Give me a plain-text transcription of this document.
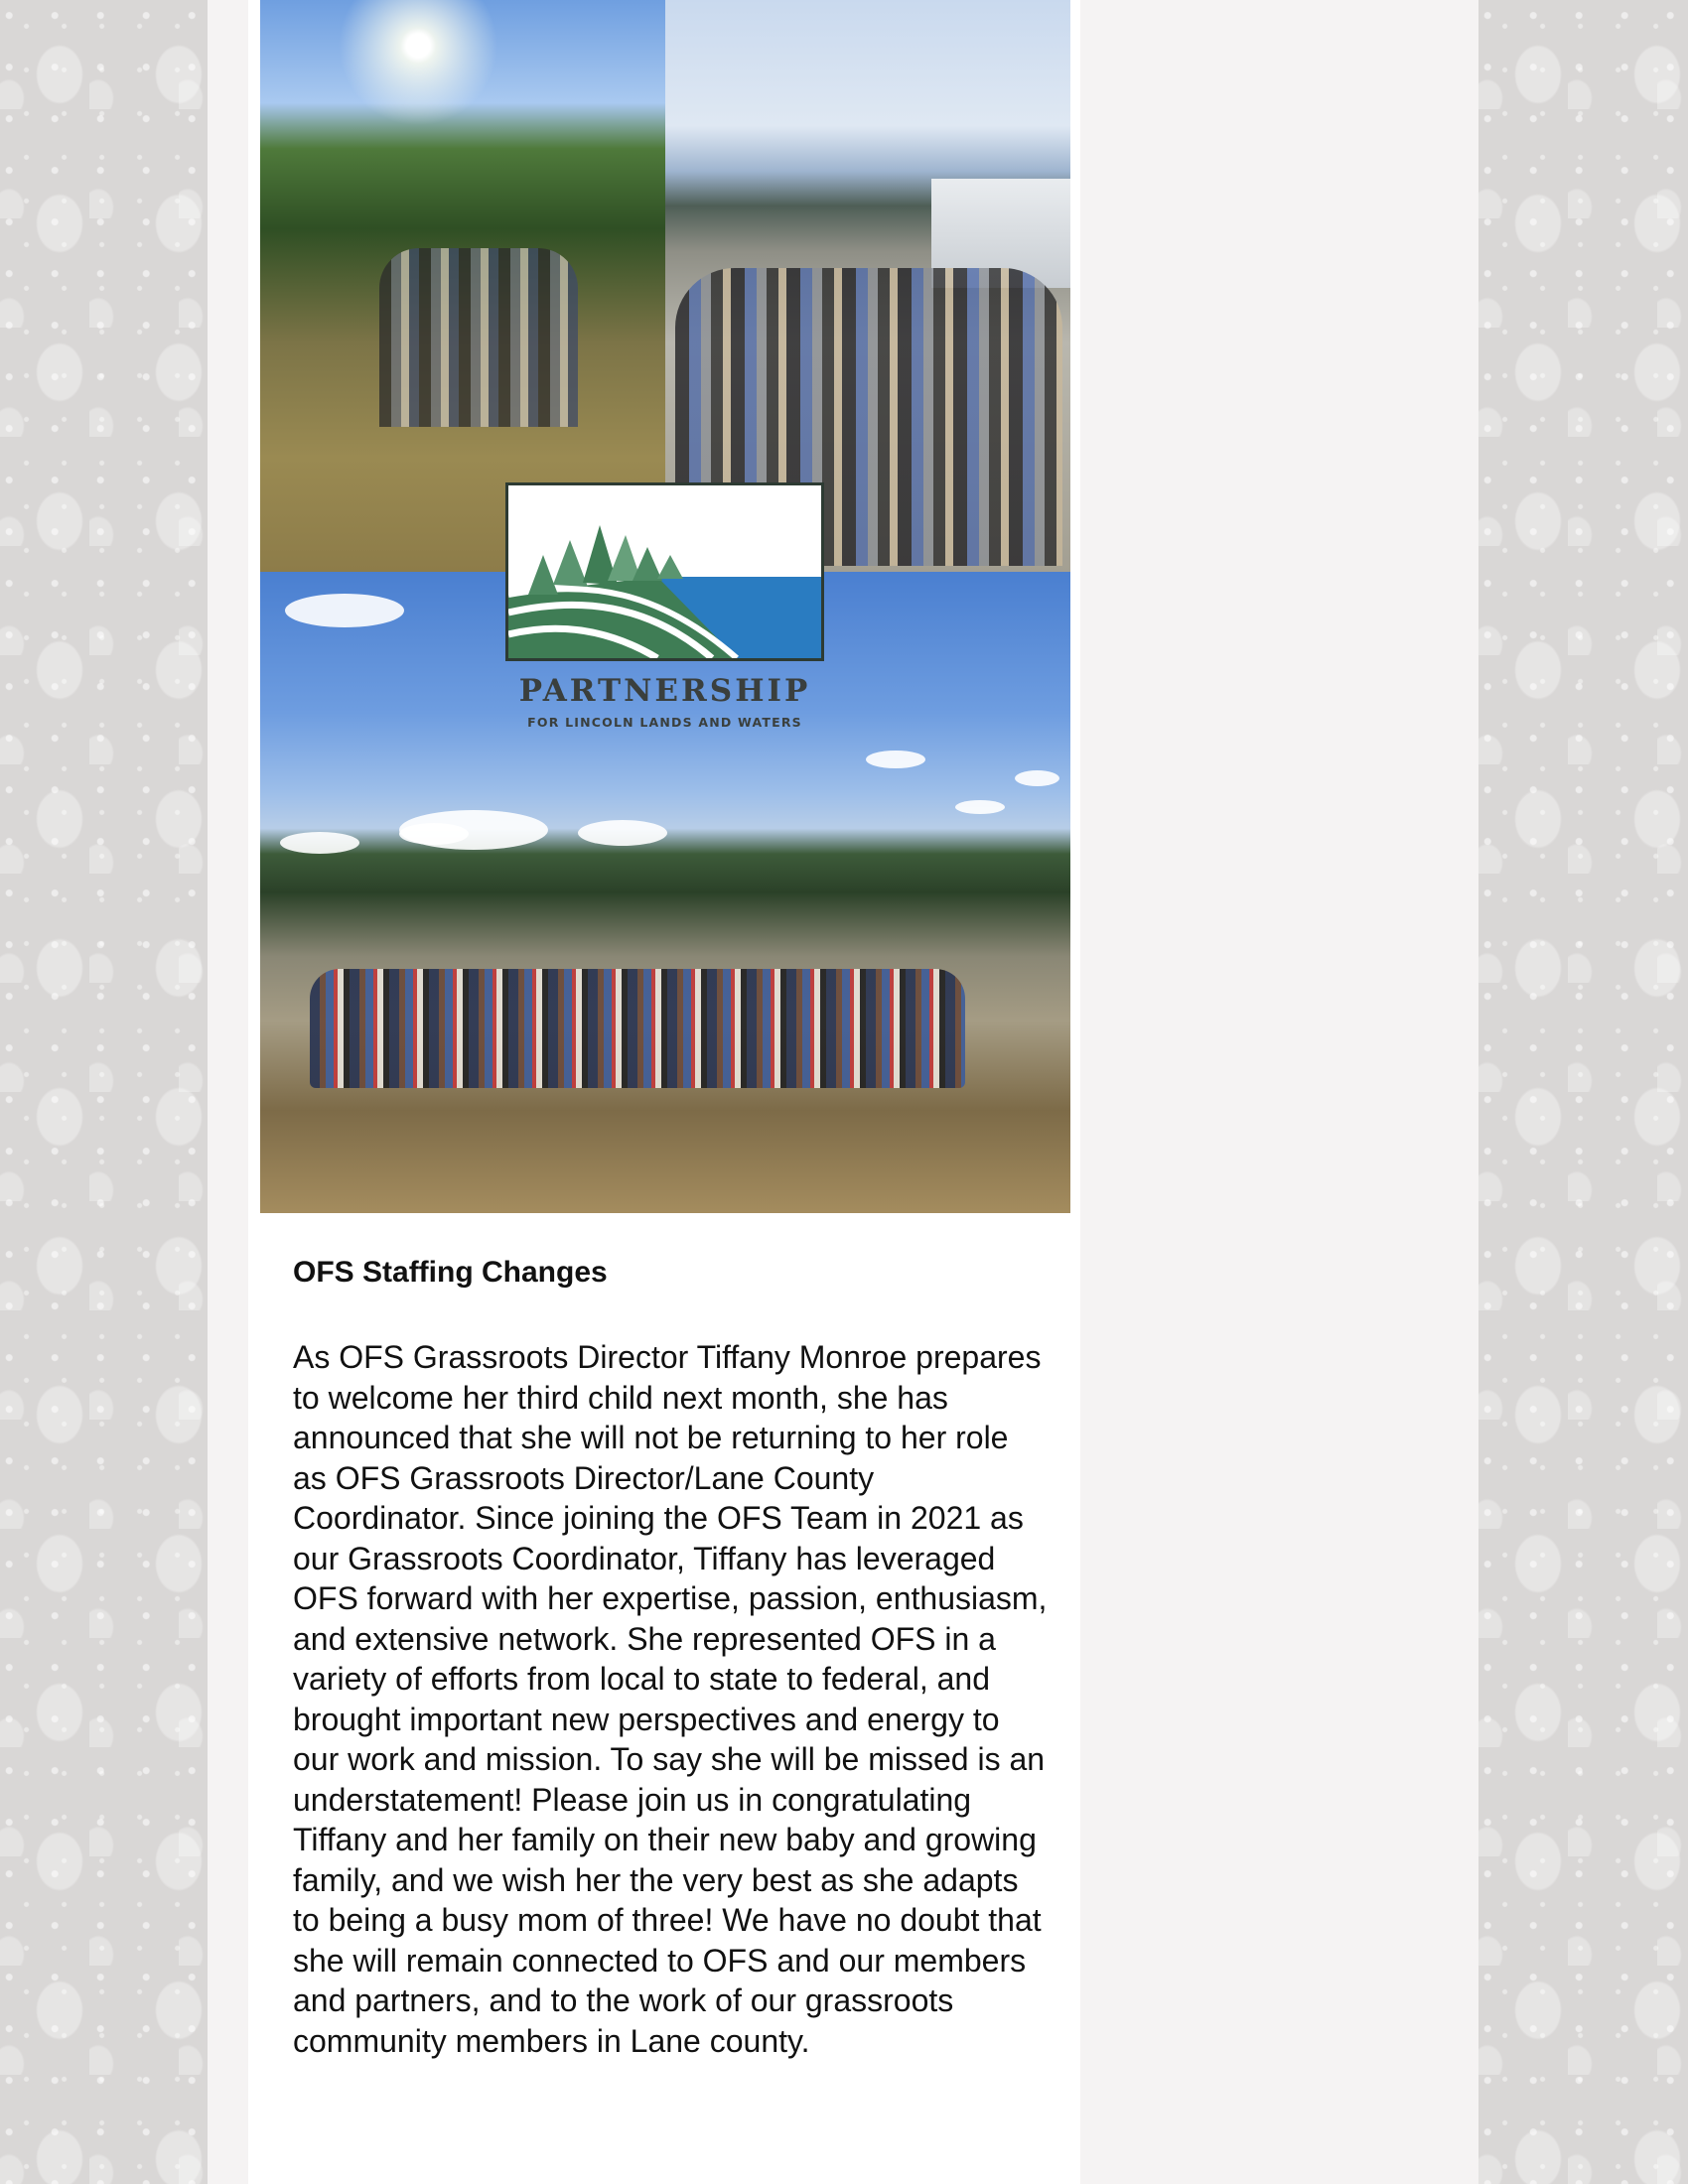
PARTNERSHIP
FOR LINCOLN LANDS AND WATERS
OFS Staffing Changes

As OFS Grassroots Director Tiffany Monroe prepares to welcome her third child next month, she has announced that she will not be returning to her role as OFS Grassroots Director/Lane County Coordinator. Since joining the OFS Team in 2021 as our Grassroots Coordinator, Tiffany has leveraged OFS forward with her expertise, passion, enthusiasm, and extensive network. She represented OFS in a variety of efforts from local to state to federal, and brought important new perspectives and energy to our work and mission. To say she will be missed is an understatement! Please join us in congratulating Tiffany and her family on their new baby and growing family, and we wish her the very best as she adapts to being a busy mom of three! We have no doubt that she will remain connected to OFS and our members and partners, and to the work of our grassroots community members in Lane county.
